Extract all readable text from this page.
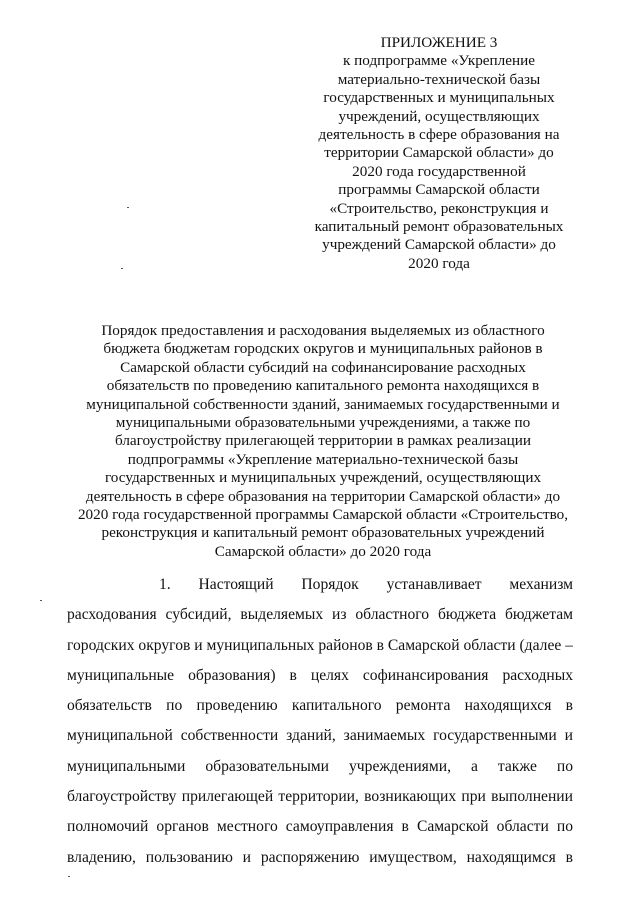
ПРИЛОЖЕНИЕ 3
к подпрограмме «Укрепление
материально-технической базы
государственных и муниципальных
учреждений, осуществляющих
деятельность в сфере образования на
территории Самарской области» до
2020 года государственной
программы Самарской области
«Строительство, реконструкция и
капитальный ремонт образовательных
учреждений Самарской области» до
2020 года
Порядок предоставления и расходования выделяемых из областного
бюджета бюджетам городских округов и муниципальных районов в
Самарской области субсидий на софинансирование расходных
обязательств по проведению капитального ремонта находящихся в
муниципальной собственности зданий, занимаемых государственными и
муниципальными образовательными учреждениями, а также по
благоустройству прилегающей территории в рамках реализации
подпрограммы «Укрепление материально-технической базы
государственных и муниципальных учреждений, осуществляющих
деятельность в сфере образования на территории Самарской области» до
2020 года государственной программы Самарской области «Строительство,
реконструкция и капитальный ремонт образовательных учреждений
Самарской области» до 2020 года
1. Настоящий Порядок устанавливает механизм
расходования субсидий, выделяемых из областного бюджета бюджетам
городских округов и муниципальных районов в Самарской области (далее –
муниципальные образования) в целях софинансирования расходных
обязательств по проведению капитального ремонта находящихся в
муниципальной собственности зданий, занимаемых государственными и
муниципальными образовательными учреждениями, а также по
благоустройству прилегающей территории, возникающих при выполнении
полномочий органов местного самоуправления в Самарской области по
владению, пользованию и распоряжению имуществом, находящимся в
